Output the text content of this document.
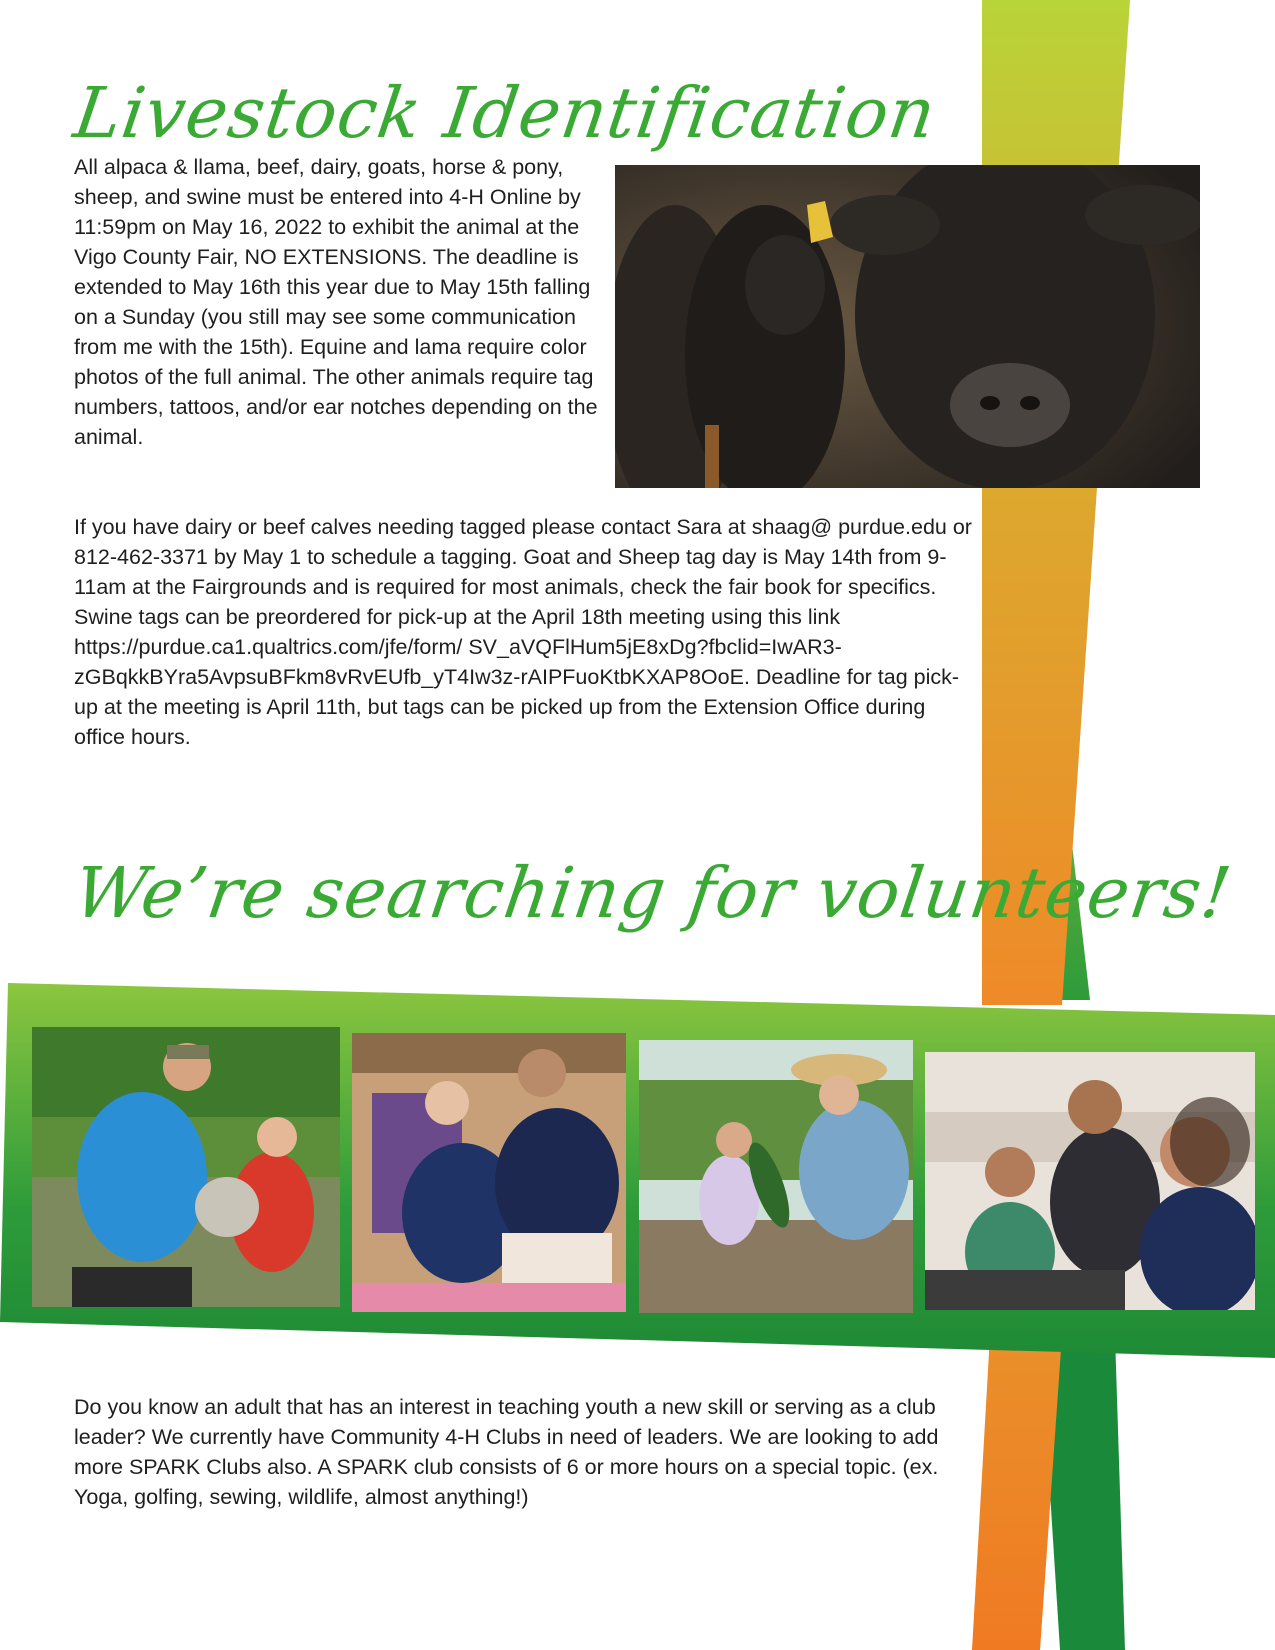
Livestock Identification

All alpaca & llama, beef, dairy, goats, horse & pony, sheep, and swine must be entered into 4-H Online by 11:59pm on May 16, 2022 to exhibit the animal at the Vigo County Fair, NO EXTENSIONS. The deadline is extended to May 16th this year due to May 15th falling on a Sunday (you still may see some communication from me with the 15th). Equine and lama require color photos of the full animal. The other animals require tag numbers, tattoos, and/or ear notches depending on the animal.

If you have dairy or beef calves needing tagged please contact Sara at shaag@ purdue.edu or 812-462-3371 by May 1 to schedule a tagging. Goat and Sheep tag day is May 14th from 9-11am at the Fairgrounds and is required for most animals, check the fair book for specifics. Swine tags can be preordered for pick-up at the April 18th meeting using this link https://purdue.ca1.qualtrics.com/jfe/form/ SV_aVQFlHum5jE8xDg?fbclid=IwAR3-zGBqkkBYra5AvpsuBFkm8vRvEUfb_yT4Iw3z-rAIPFuoKtbKXAP8OoE. Deadline for tag pick-up at the meeting is April 11th, but tags can be picked up from the Extension Office during office hours.

We’re searching for volunteers!

Do you know an adult that has an interest in teaching youth a new skill or serving as a club leader? We currently have Community 4-H Clubs in need of leaders. We are looking to add more SPARK Clubs also. A SPARK club consists of 6 or more hours on a special topic. (ex. Yoga, golfing, sewing, wildlife, almost anything!)
